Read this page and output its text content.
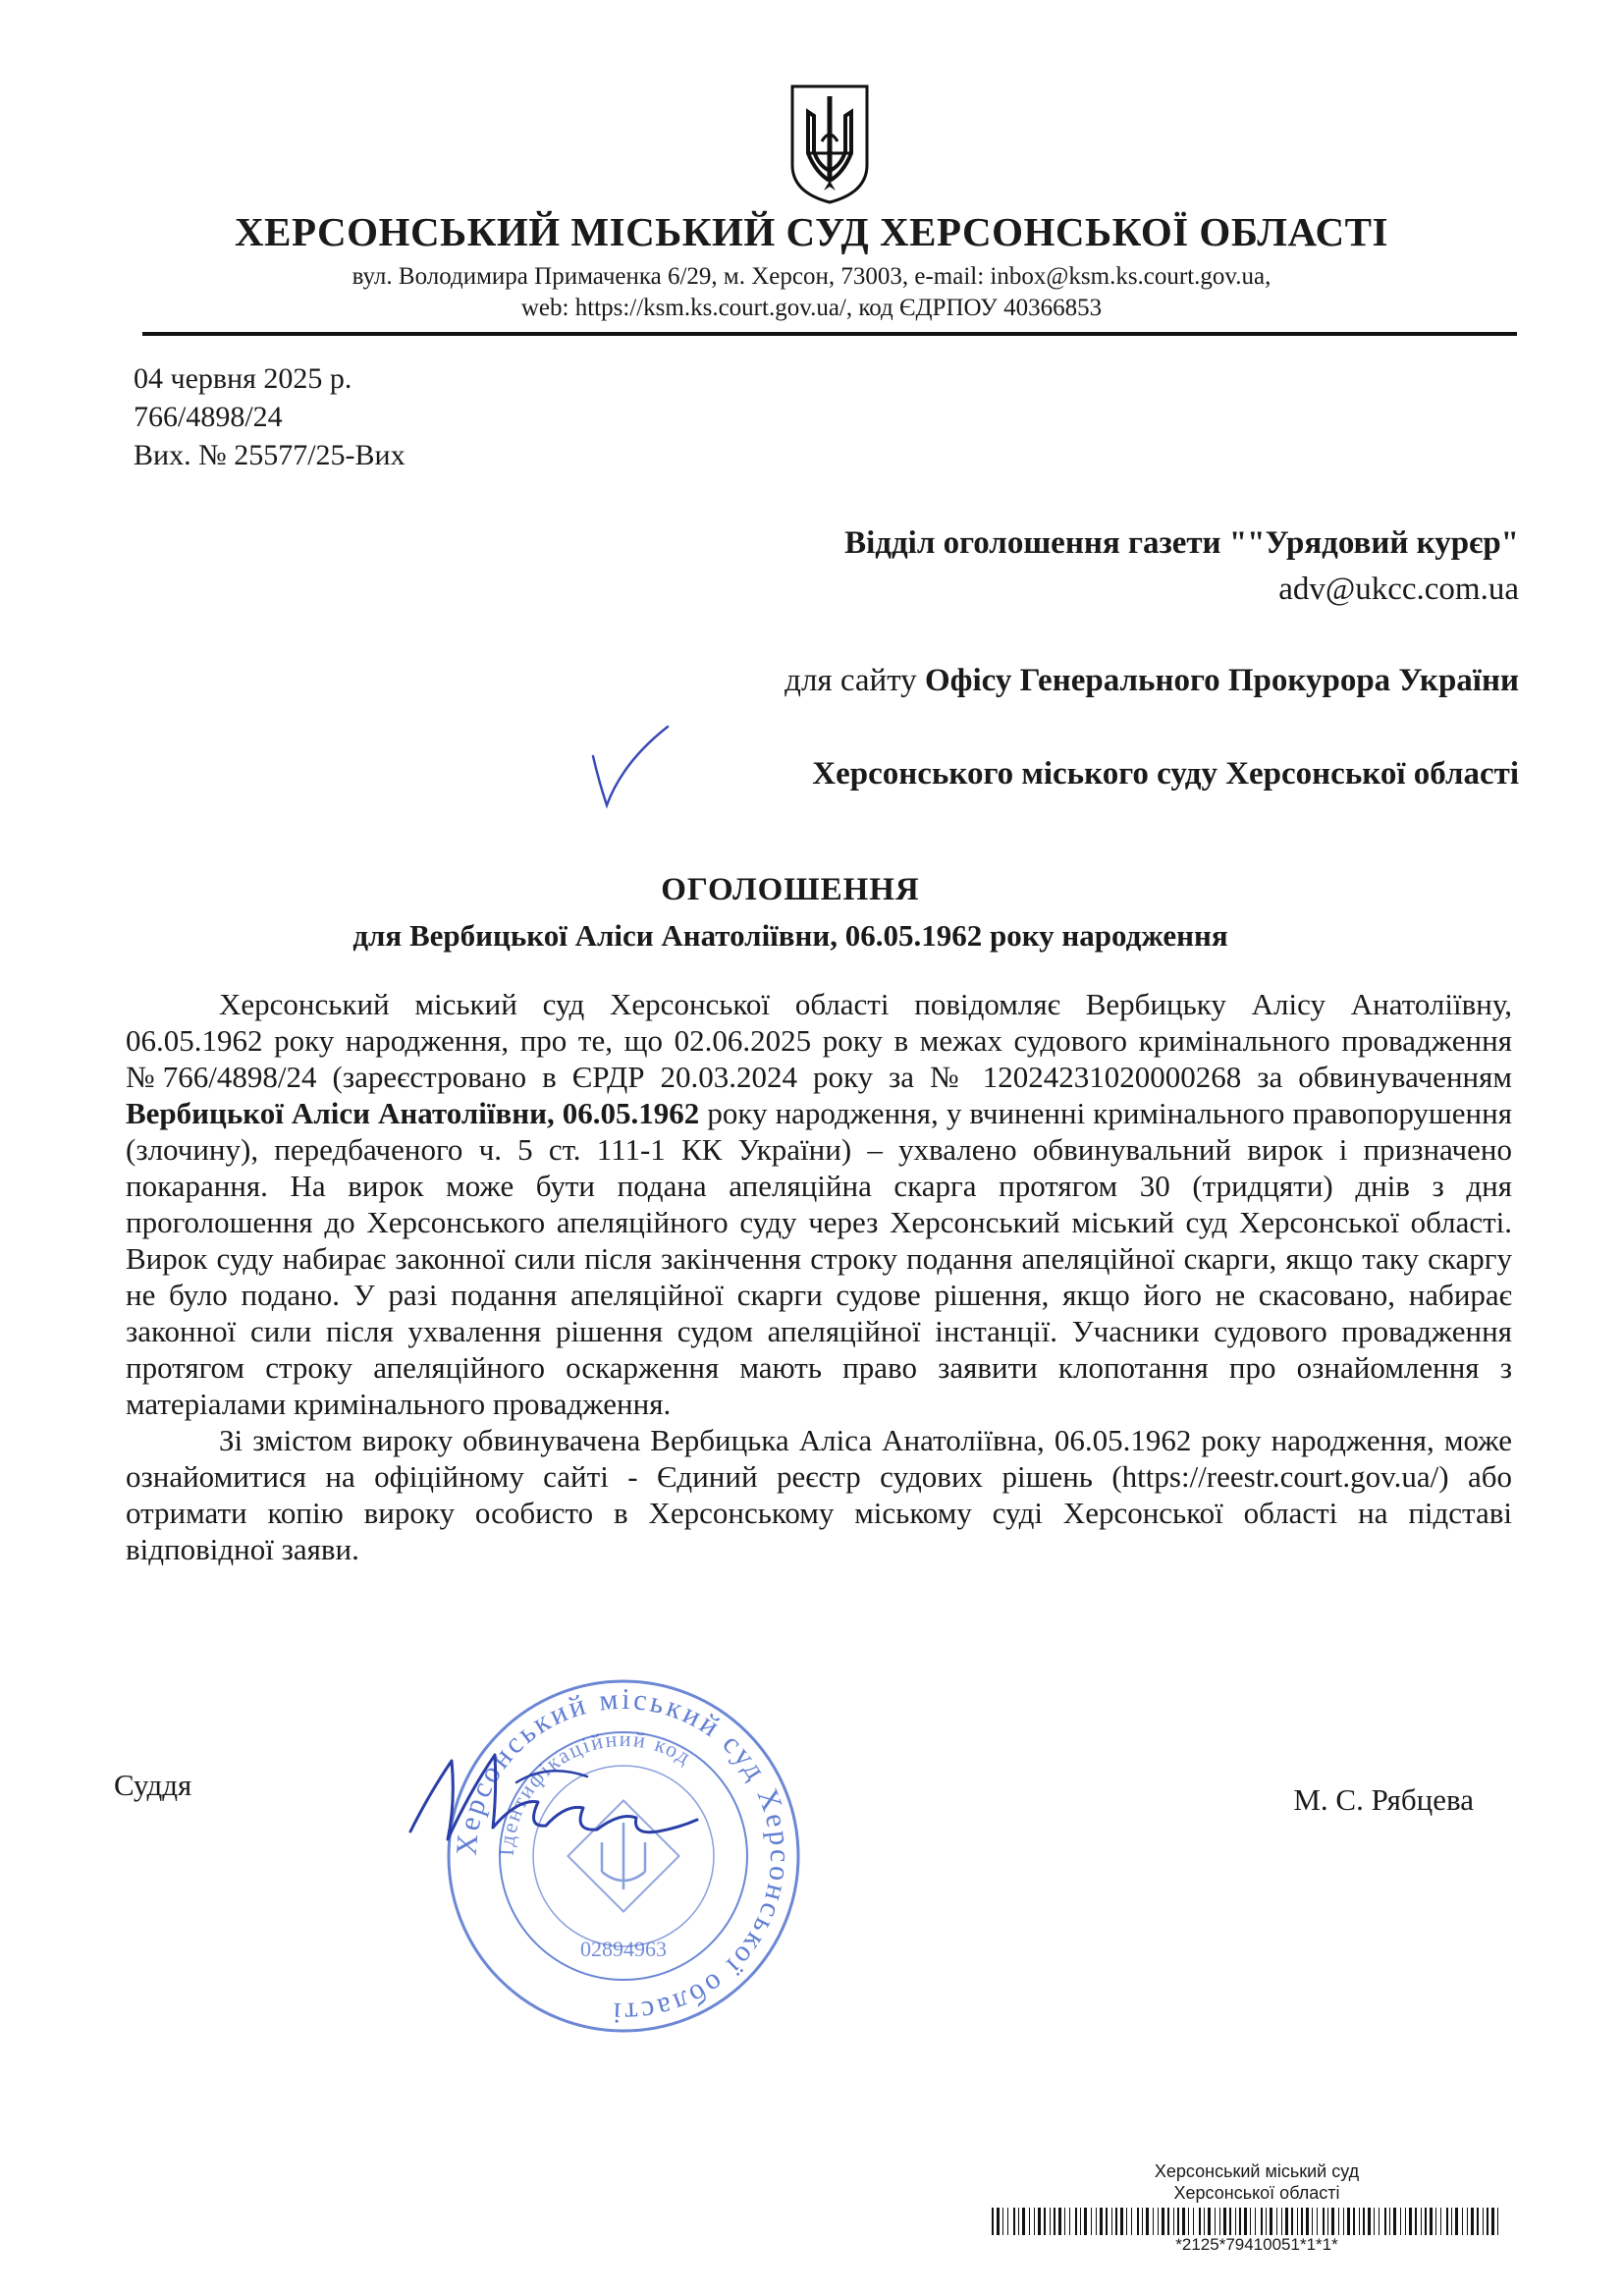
ХЕРСОНСЬКИЙ МІСЬКИЙ СУД ХЕРСОНСЬКОЇ ОБЛАСТІ
вул. Володимира Примаченка 6/29, м. Херсон, 73003, e-mail: inbox@ksm.ks.court.gov.ua,
web: https://ksm.ks.court.gov.ua/, код ЄДРПОУ 40366853
04 червня 2025 р.
766/4898/24
Вих. № 25577/25-Вих
Відділ оголошення газети ""Урядовий курєр"
adv@ukcc.com.ua
для сайту Офісу Генерального Прокурора України
Херсонського міського суду Херсонської області
ОГОЛОШЕННЯ
для Вербицької Аліси Анатоліївни, 06.05.1962 року народження

Херсонський міський суд Херсонської області повідомляє Вербицьку Алісу Анатоліївну, 06.05.1962 року народження, про те, що 02.06.2025 року в межах судового кримінального провадження №766/4898/24 (зареєстровано в ЄРДР 20.03.2024 року за № 12024231020000268 за обвинуваченням Вербицької Аліси Анатоліївни, 06.05.1962 року народження, у вчиненні кримінального правопорушення (злочину), передбаченого ч. 5 ст. 111-1 КК України) – ухвалено обвинувальний вирок і призначено покарання. На вирок може бути подана апеляційна скарга протягом 30 (тридцяти) днів з дня проголошення до Херсонського апеляційного суду через Херсонський міський суд Херсонської області. Вирок суду набирає законної сили після закінчення строку подання апеляційної скарги, якщо таку скаргу не було подано. У разі подання апеляційної скарги судове рішення, якщо його не скасовано, набирає законної сили після ухвалення рішення судом апеляційної інстанції. Учасники судового провадження протягом строку апеляційного оскарження мають право заявити клопотання про ознайомлення з матеріалами кримінального провадження.

Зі змістом вироку обвинувачена Вербицька Аліса Анатоліївна, 06.05.1962 року народження, може ознайомитися на офіційному сайті - Єдиний реєстр судових рішень (https://reestr.court.gov.ua/) або отримати копію вироку особисто в Херсонському міському суді Херсонської області на підставі відповідної заяви.

Суддя	М. С. Рябцева
Херсонський міський суд Херсонської області
Ідентифікаційний код
02894963
Херсонський міський суд
Херсонської області
*2125*79410051*1*1*
